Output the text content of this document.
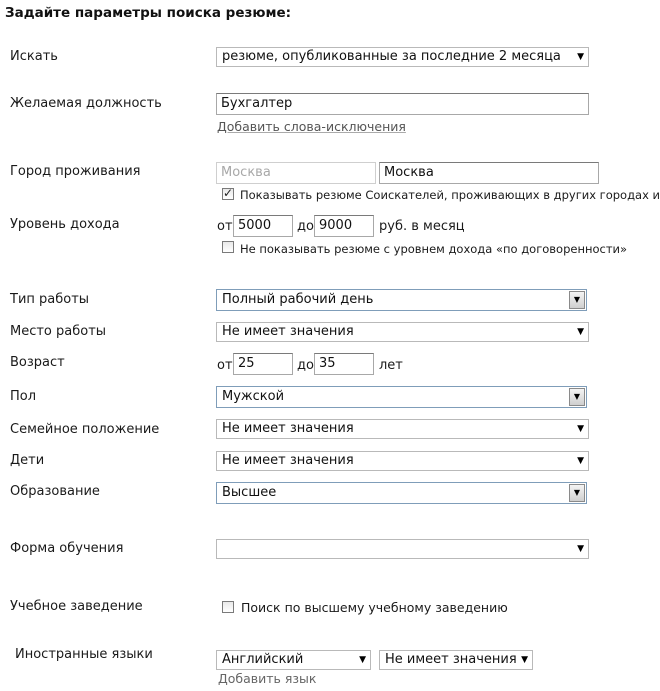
Задайте параметры поиска резюме:
Искать	резюме, опубликованные за последние 2 месяца ▼
Желаемая должность	Бухгалтер
Добавить слова-исключения
Город проживания	Москва	Москва
✓
Показывать резюме Соискателей, проживающих в других городах и
Уровень дохода	от 5000	до 9000	руб. в месяц
Не показывать резюме с уровнем дохода «по договоренности»
Тип работы	Полный рабочий день	▼
Место работы	Не имеет значения	▼
Возраст	от 25	до 35	лет
Пол	Мужской	▼
Семейное положение	Не имеет значения	▼
Дети	Не имеет значения	▼
Образование	Высшее	▼
Форма обучения	▼
Учебное заведение	Поиск по высшему учебному заведению
Иностранные языки	Английский	▼	Не имеет значения ▼
Добавить язык
